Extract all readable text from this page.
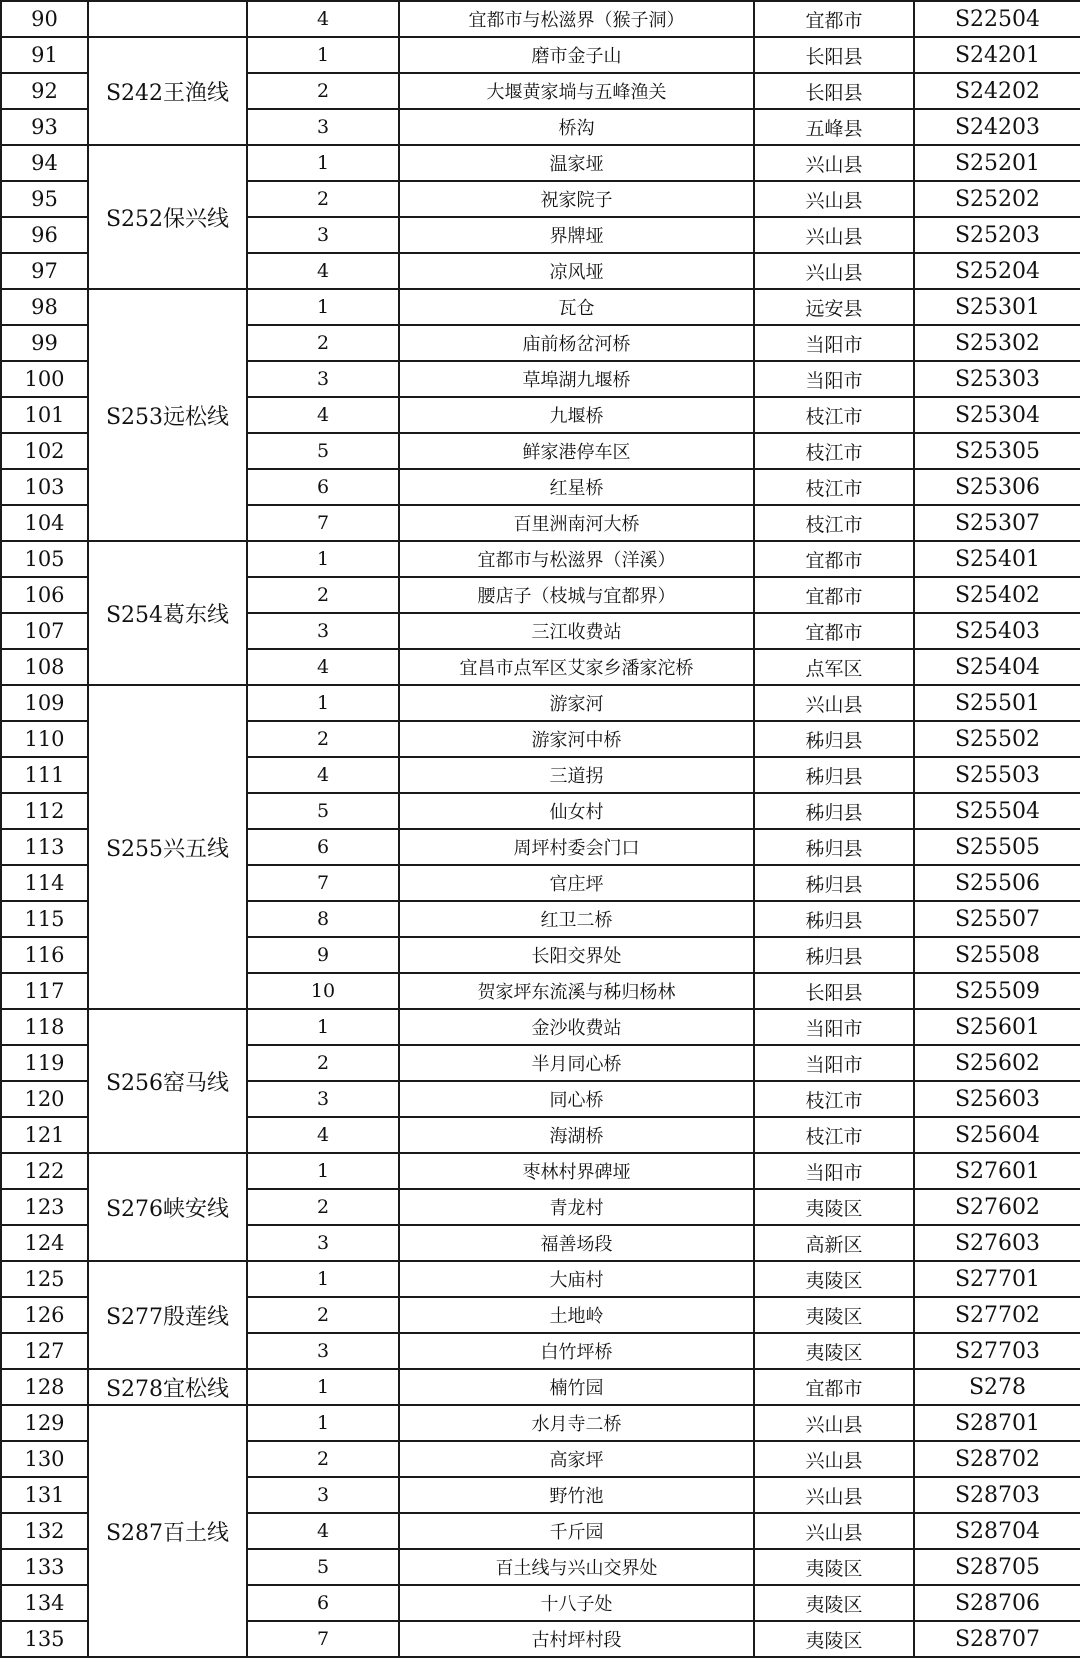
90		4	宜都市与松滋界（猴子洞）	宜都市	S22504
91	S242王渔线	1	磨市金子山	长阳县	S24201
92		2	大堰黄家埫与五峰渔关	长阳县	S24202
93		3	桥沟	五峰县	S24203
94	S252保兴线	1	温家垭	兴山县	S25201
95		2	祝家院子	兴山县	S25202
96		3	界牌垭	兴山县	S25203
97		4	凉风垭	兴山县	S25204
98	S253远松线	1	瓦仓	远安县	S25301
99		2	庙前杨岔河桥	当阳市	S25302
100		3	草埠湖九堰桥	当阳市	S25303
101		4	九堰桥	枝江市	S25304
102		5	鲜家港停车区	枝江市	S25305
103		6	红星桥	枝江市	S25306
104		7	百里洲南河大桥	枝江市	S25307
105	S254葛东线	1	宜都市与松滋界（洋溪）	宜都市	S25401
106		2	腰店子（枝城与宜都界）	宜都市	S25402
107		3	三江收费站	宜都市	S25403
108		4	宜昌市点军区艾家乡潘家沱桥	点军区	S25404
109	S255兴五线	1	游家河	兴山县	S25501
110		2	游家河中桥	秭归县	S25502
111		4	三道拐	秭归县	S25503
112		5	仙女村	秭归县	S25504
113		6	周坪村委会门口	秭归县	S25505
114		7	官庄坪	秭归县	S25506
115		8	红卫二桥	秭归县	S25507
116		9	长阳交界处	秭归县	S25508
117		10	贺家坪东流溪与秭归杨林	长阳县	S25509
118	S256窑马线	1	金沙收费站	当阳市	S25601
119		2	半月同心桥	当阳市	S25602
120		3	同心桥	枝江市	S25603
121		4	海湖桥	枝江市	S25604
122	S276峡安线	1	枣林村界碑垭	当阳市	S27601
123		2	青龙村	夷陵区	S27602
124		3	福善场段	高新区	S27603
125	S277殷莲线	1	大庙村	夷陵区	S27701
126		2	土地岭	夷陵区	S27702
127		3	白竹坪桥	夷陵区	S27703
128	S278宜松线	1	楠竹园	宜都市	S278
129	S287百土线	1	水月寺二桥	兴山县	S28701
130		2	高家坪	兴山县	S28702
131		3	野竹池	兴山县	S28703
132		4	千斤园	兴山县	S28704
133		5	百土线与兴山交界处	夷陵区	S28705
134		6	十八子处	夷陵区	S28706
135		7	古村坪村段	夷陵区	S28707
